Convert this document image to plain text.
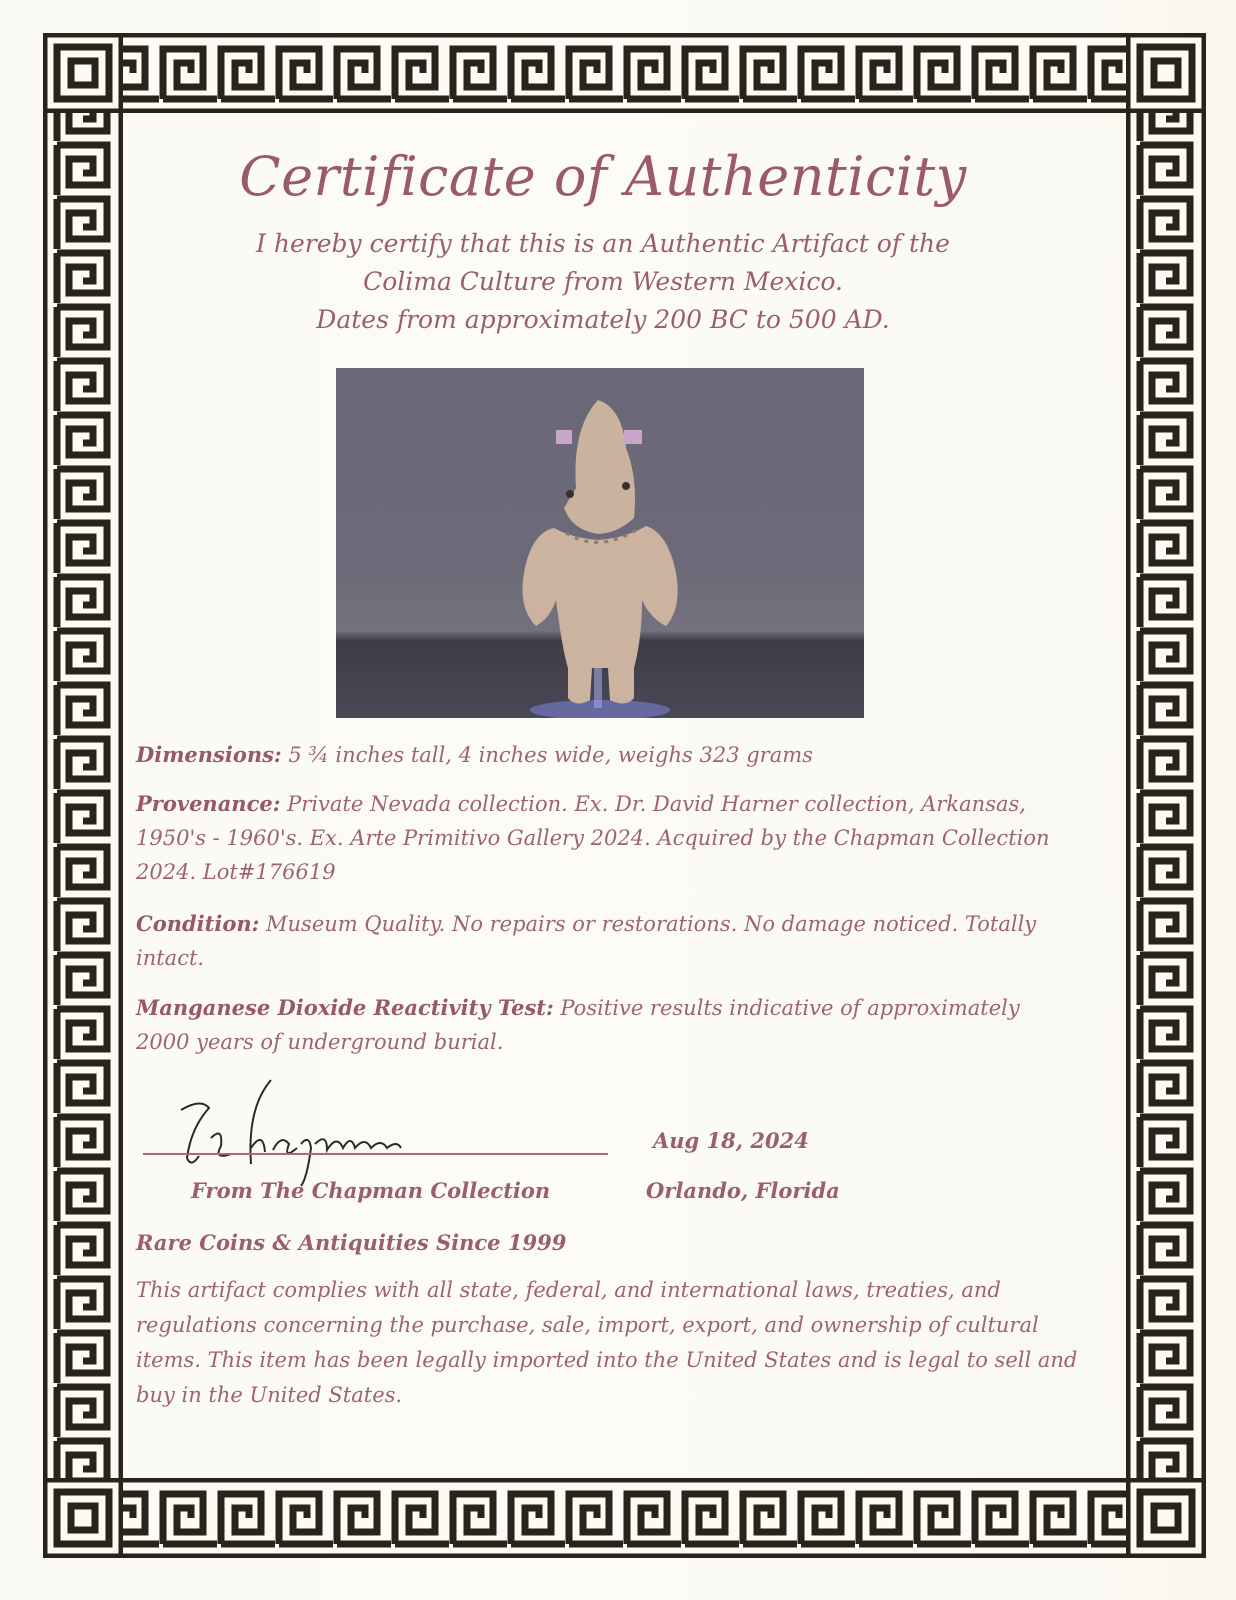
Certificate of Authenticity
I hereby certify that this is an Authentic Artifact of the
Colima Culture from Western Mexico.
Dates from approximately 200 BC to 500 AD.
Dimensions: 5 ¾ inches tall, 4 inches wide, weighs 323 grams
Provenance: Private Nevada collection. Ex. Dr. David Harner collection, Arkansas, 1950's - 1960's. Ex. Arte Primitivo Gallery 2024. Acquired by the Chapman Collection 2024. Lot#176619
Condition: Museum Quality. No repairs or restorations. No damage noticed. Totally intact.
Manganese Dioxide Reactivity Test: Positive results indicative of approximately 2000 years of underground burial.
From The Chapman Collection
Aug 18, 2024
Orlando, Florida
Rare Coins & Antiquities Since 1999
This artifact complies with all state, federal, and international laws, treaties, and regulations concerning the purchase, sale, import, export, and ownership of cultural items. This item has been legally imported into the United States and is legal to sell and buy in the United States.
